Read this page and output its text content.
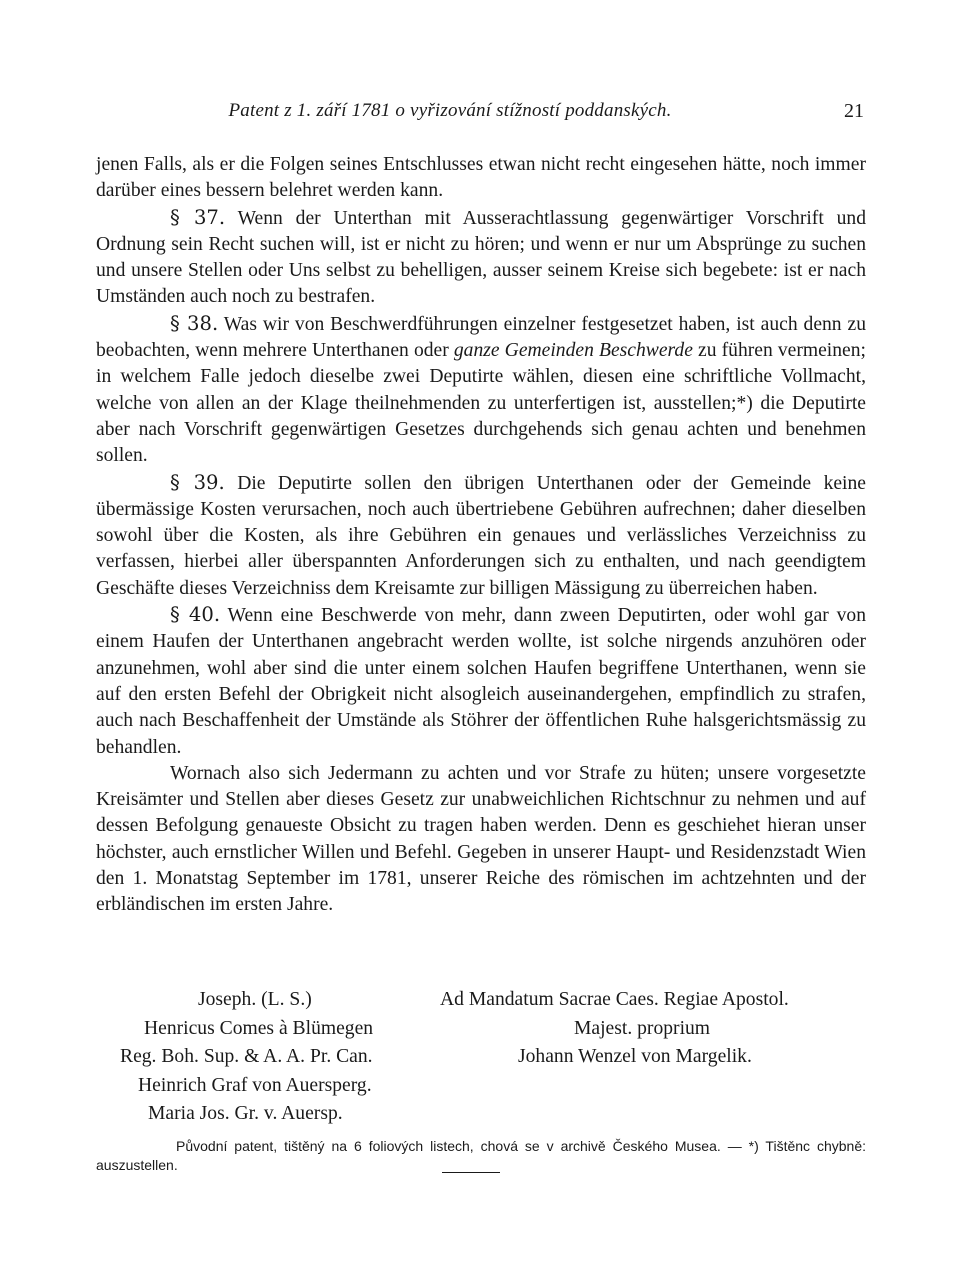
Patent z 1. září 1781 o vyřizování stížností poddanských.	21

jenen Falls, als er die Folgen seines Entschlusses etwan nicht recht eingesehen hätte, noch immer darüber eines bessern belehret werden kann.

§ 37. Wenn der Unterthan mit Ausserachtlassung gegenwärtiger Vorschrift und Ordnung sein Recht suchen will, ist er nicht zu hören; und wenn er nur um Absprünge zu suchen und unsere Stellen oder Uns selbst zu behelligen, ausser seinem Kreise sich begebete: ist er nach Umständen auch noch zu bestrafen.

§ 38. Was wir von Beschwerdführungen einzelner festgesetzet haben, ist auch denn zu beobachten, wenn mehrere Unterthanen oder ganze Gemeinden Beschwerde zu führen vermeinen; in welchem Falle jedoch dieselbe zwei Deputirte wählen, diesen eine schriftliche Vollmacht, welche von allen an der Klage theilnehmenden zu unterfertigen ist, ausstellen;*) die Deputirte aber nach Vorschrift gegenwärtigen Gesetzes durchgehends sich genau achten und benehmen sollen.

§ 39. Die Deputirte sollen den übrigen Unterthanen oder der Gemeinde keine übermässige Kosten verursachen, noch auch übertriebene Gebühren aufrechnen; daher dieselben sowohl über die Kosten, als ihre Gebühren ein genaues und verlässliches Verzeichniss zu verfassen, hierbei aller überspannten Anforderungen sich zu enthalten, und nach geendigtem Geschäfte dieses Verzeichniss dem Kreisamte zur billigen Mässigung zu überreichen haben.

§ 40. Wenn eine Beschwerde von mehr, dann zween Deputirten, oder wohl gar von einem Haufen der Unterthanen angebracht werden wollte, ist solche nirgends anzuhören oder anzunehmen, wohl aber sind die unter einem solchen Haufen begriffene Unterthanen, wenn sie auf den ersten Befehl der Obrigkeit nicht alsogleich auseinandergehen, empfindlich zu strafen, auch nach Beschaffenheit der Umstände als Stöhrer der öffentlichen Ruhe halsgerichtsmässig zu behandlen.

Wornach also sich Jedermann zu achten und vor Strafe zu hüten; unsere vorgesetzte Kreisämter und Stellen aber dieses Gesetz zur unabweichlichen Richtschnur zu nehmen und auf dessen Befolgung genaueste Obsicht zu tragen haben werden. Denn es geschiehet hieran unser höchster, auch ernstlicher Willen und Befehl. Gegeben in unserer Haupt- und Residenzstadt Wien den 1. Monatstag September im 1781, unserer Reiche des römischen im achtzehnten und der erbländischen im ersten Jahre.

Joseph. (L. S.)
Henricus Comes à Blümegen
Reg. Boh. Sup. & A. A. Pr. Can.
Heinrich Graf von Auersperg.
Maria Jos. Gr. v. Auersp.
Ad Mandatum Sacrae Caes. Regiae Apostol.
Majest. proprium
Johann Wenzel von Margelik.
Původní patent, tištěný na 6 foliových listech, chová se v archivě Českého Musea. — *) Tištěnc chybně: auszustellen.
